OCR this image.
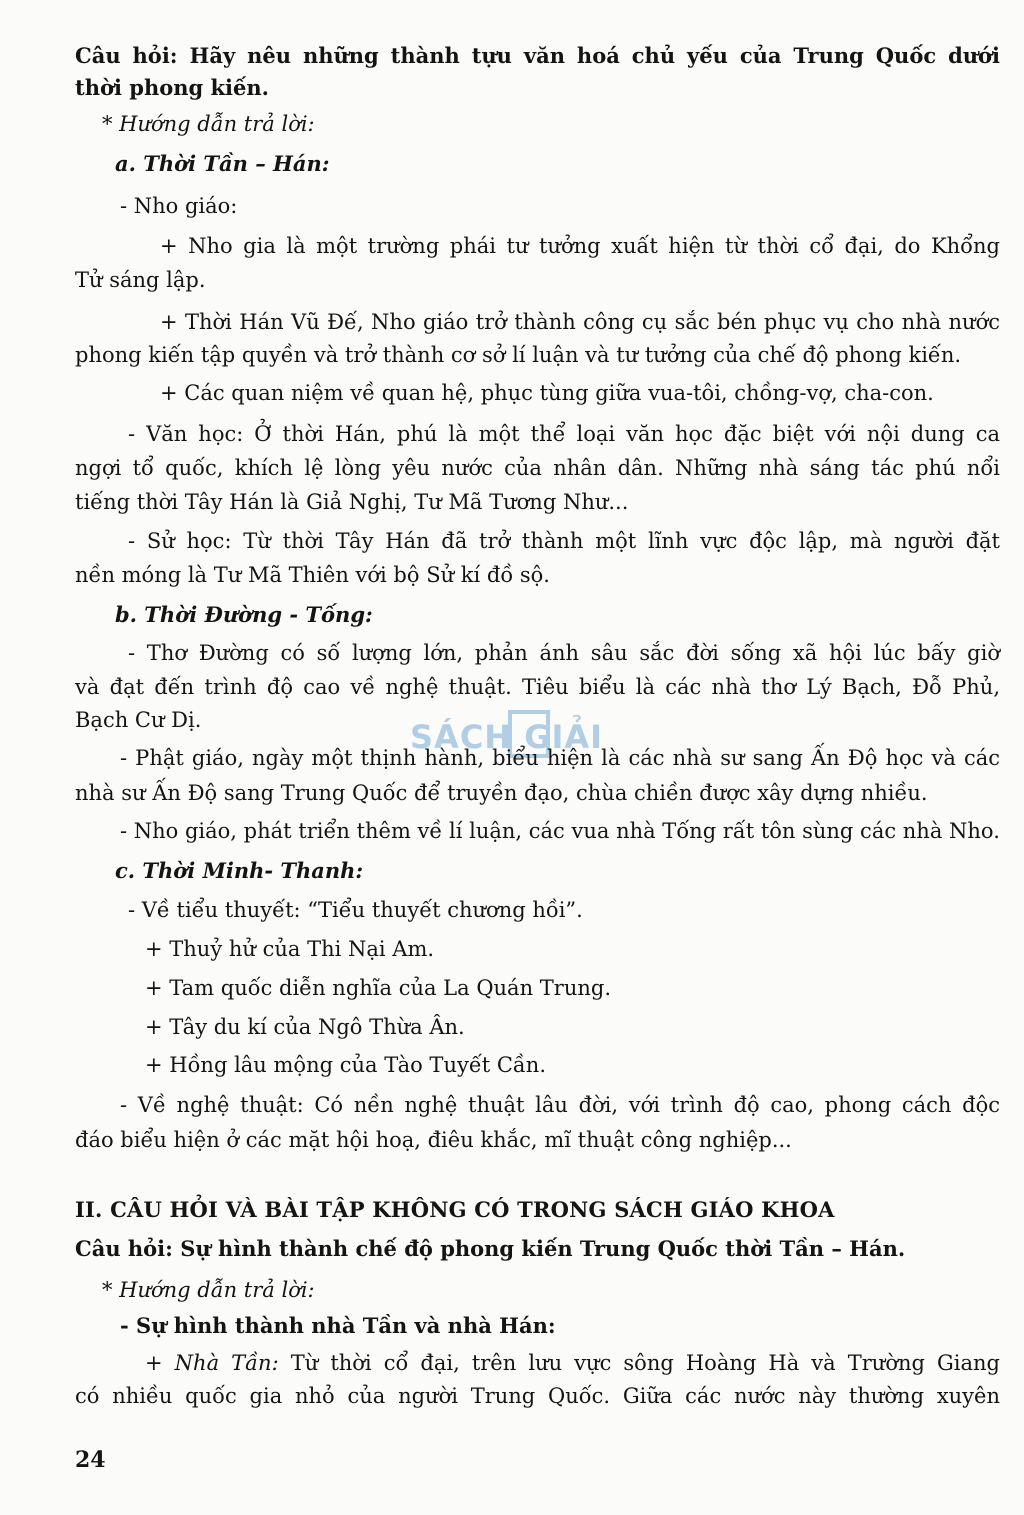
Câu hỏi: Hãy nêu những thành tựu văn hoá chủ yếu của Trung Quốc dưới

thời phong kiến.

* Hướng dẫn trả lời:

a. Thời Tần – Hán:

- Nho giáo:

+ Nho gia là một trường phái tư tưởng xuất hiện từ thời cổ đại, do Khổng

Tử sáng lập.

+ Thời Hán Vũ Đế, Nho giáo trở thành công cụ sắc bén phục vụ cho nhà nước

phong kiến tập quyền và trở thành cơ sở lí luận và tư tưởng của chế độ phong kiến.

+ Các quan niệm về quan hệ, phục tùng giữa vua-tôi, chồng-vợ, cha-con.

- Văn học: Ở thời Hán, phú là một thể loại văn học đặc biệt với nội dung ca

ngợi tổ quốc, khích lệ lòng yêu nước của nhân dân. Những nhà sáng tác phú nổi

tiếng thời Tây Hán là Giả Nghị, Tư Mã Tương Như...

- Sử học: Từ thời Tây Hán đã trở thành một lĩnh vực độc lập, mà người đặt

nền móng là Tư Mã Thiên với bộ Sử kí đồ sộ.

b. Thời Đường - Tống:

- Thơ Đường có số lượng lớn, phản ánh sâu sắc đời sống xã hội lúc bấy giờ

và đạt đến trình độ cao về nghệ thuật. Tiêu biểu là các nhà thơ Lý Bạch, Đỗ Phủ,

Bạch Cư Dị.	SÁCH GIẢI

- Phật giáo, ngày một thịnh hành, biểu hiện là các nhà sư sang Ấn Độ học và các

nhà sư Ấn Độ sang Trung Quốc để truyền đạo, chùa chiền được xây dựng nhiều.

- Nho giáo, phát triển thêm về lí luận, các vua nhà Tống rất tôn sùng các nhà Nho.

c. Thời Minh- Thanh:

- Về tiểu thuyết: “Tiểu thuyết chương hồi”.

+ Thuỷ hử của Thi Nại Am.

+ Tam quốc diễn nghĩa của La Quán Trung.

+ Tây du kí của Ngô Thừa Ân.

+ Hồng lâu mộng của Tào Tuyết Cần.

- Về nghệ thuật: Có nền nghệ thuật lâu đời, với trình độ cao, phong cách độc

đáo biểu hiện ở các mặt hội hoạ, điêu khắc, mĩ thuật công nghiệp...

II. CÂU HỎI VÀ BÀI TẬP KHÔNG CÓ TRONG SÁCH GIÁO KHOA

Câu hỏi: Sự hình thành chế độ phong kiến Trung Quốc thời Tần – Hán.

* Hướng dẫn trả lời:

- Sự hình thành nhà Tần và nhà Hán:

+ Nhà Tần: Từ thời cổ đại, trên lưu vực sông Hoàng Hà và Trường Giang

có nhiều quốc gia nhỏ của người Trung Quốc. Giữa các nước này thường xuyên

24
